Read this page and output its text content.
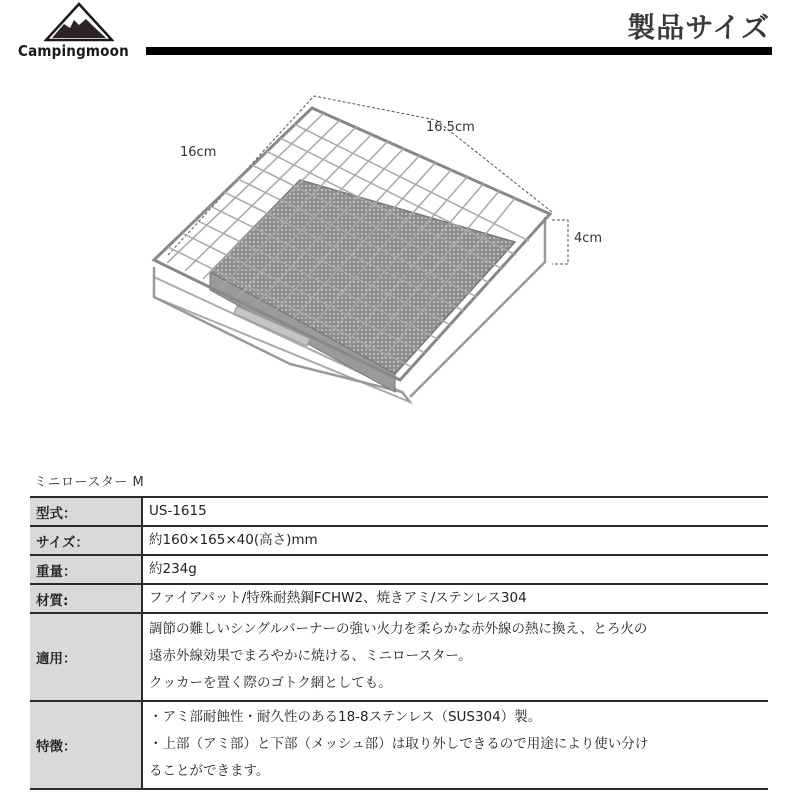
Campingmoon
製品サイズ
16cm
16.5cm
4cm
ミニロースター M
型式：	US-1615
サイズ：	約160×165×40(高さ)mm
重量：	約234g
材質:	ファイアパット/特殊耐熱鋼FCHW2、焼きアミ/ステンレス304
適用：	調節の難しいシングルバーナーの強い火力を柔らかな赤外線の熱に換え、とろ火の
遠赤外線効果でまろやかに焼ける、ミニロースター。
クッカーを置く際のゴトク網としても。

特徴：	・アミ部耐蝕性・耐久性のある18-8ステンレス（SUS304）製。
・上部（アミ部）と下部（メッシュ部）は取り外しできるので用途により使い分け
ることができます。
